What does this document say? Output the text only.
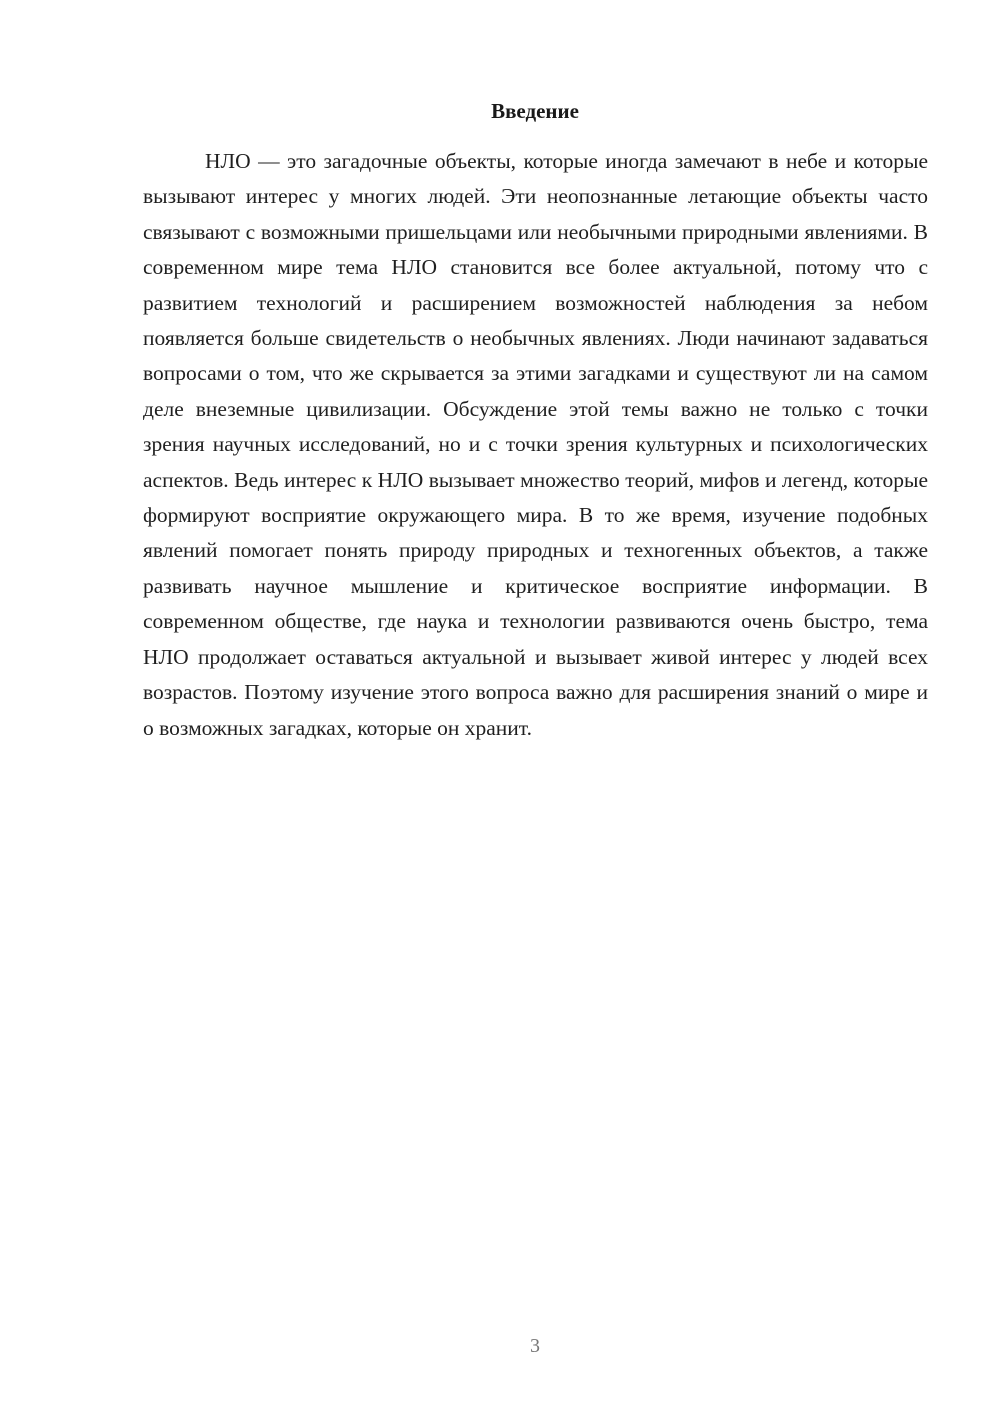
Введение

НЛО — это загадочные объекты, которые иногда замечают в небе и которые вызывают интерес у многих людей. Эти неопознанные летающие объекты часто связывают с возможными пришельцами или необычными природными явлениями. В современном мире тема НЛО становится все более актуальной, потому что с развитием технологий и расширением возможностей наблюдения за небом появляется больше свидетельств о необычных явлениях. Люди начинают задаваться вопросами о том, что же скрывается за этими загадками и существуют ли на самом деле внеземные цивилизации. Обсуждение этой темы важно не только с точки зрения научных исследований, но и с точки зрения культурных и психологических аспектов. Ведь интерес к НЛО вызывает множество теорий, мифов и легенд, которые формируют восприятие окружающего мира. В то же время, изучение подобных явлений помогает понять природу природных и техногенных объектов, а также развивать научное мышление и критическое восприятие информации. В современном обществе, где наука и технологии развиваются очень быстро, тема НЛО продолжает оставаться актуальной и вызывает живой интерес у людей всех возрастов. Поэтому изучение этого вопроса важно для расширения знаний о мире и о возможных загадках, которые он хранит.

3
